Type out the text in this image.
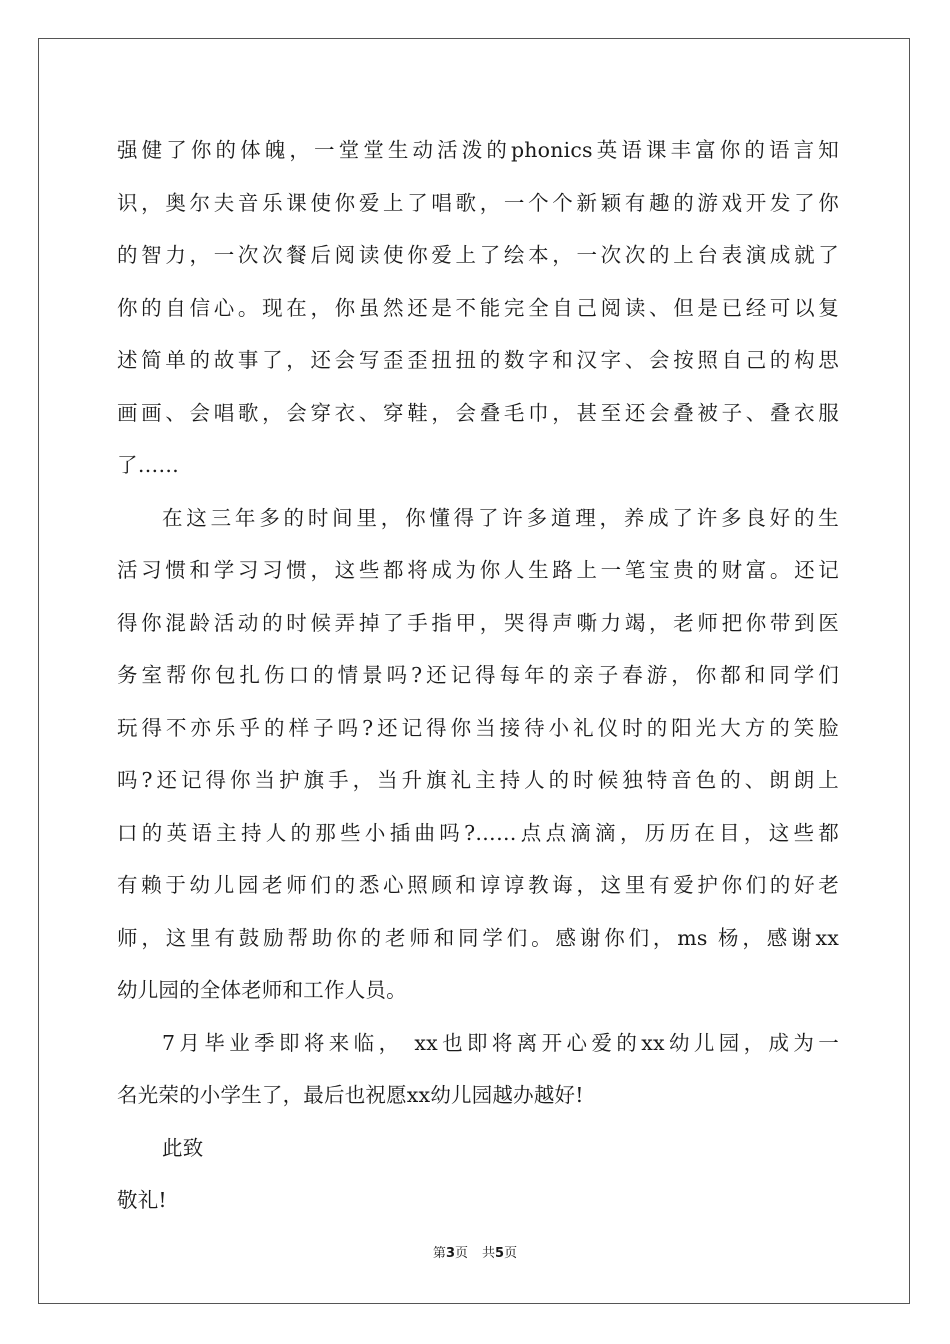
强健了你的体魄，一堂堂生动活泼的phonics英语课丰富你的语言知
识，奥尔夫音乐课使你爱上了唱歌，一个个新颖有趣的游戏开发了你
的智力，一次次餐后阅读使你爱上了绘本，一次次的上台表演成就了
你的自信心。现在，你虽然还是不能完全自己阅读、但是已经可以复
述简单的故事了，还会写歪歪扭扭的数字和汉字、会按照自己的构思
画画、会唱歌，会穿衣、穿鞋，会叠毛巾，甚至还会叠被子、叠衣服
了……
在这三年多的时间里，你懂得了许多道理，养成了许多良好的生
活习惯和学习习惯，这些都将成为你人生路上一笔宝贵的财富。还记
得你混龄活动的时候弄掉了手指甲，哭得声嘶力竭，老师把你带到医
务室帮你包扎伤口的情景吗?还记得每年的亲子春游，你都和同学们
玩得不亦乐乎的样子吗?还记得你当接待小礼仪时的阳光大方的笑脸
吗?还记得你当护旗手，当升旗礼主持人的时候独特音色的、朗朗上
口的英语主持人的那些小插曲吗?……点点滴滴，历历在目，这些都
有赖于幼儿园老师们的悉心照顾和谆谆教诲，这里有爱护你们的好老
师，这里有鼓励帮助你的老师和同学们。感谢你们，ms 杨，感谢xx
幼儿园的全体老师和工作人员。
7月毕业季即将来临， xx也即将离开心爱的xx幼儿园，成为一
名光荣的小学生了，最后也祝愿xx幼儿园越办越好!
此致
敬礼!
第3页 共5页
